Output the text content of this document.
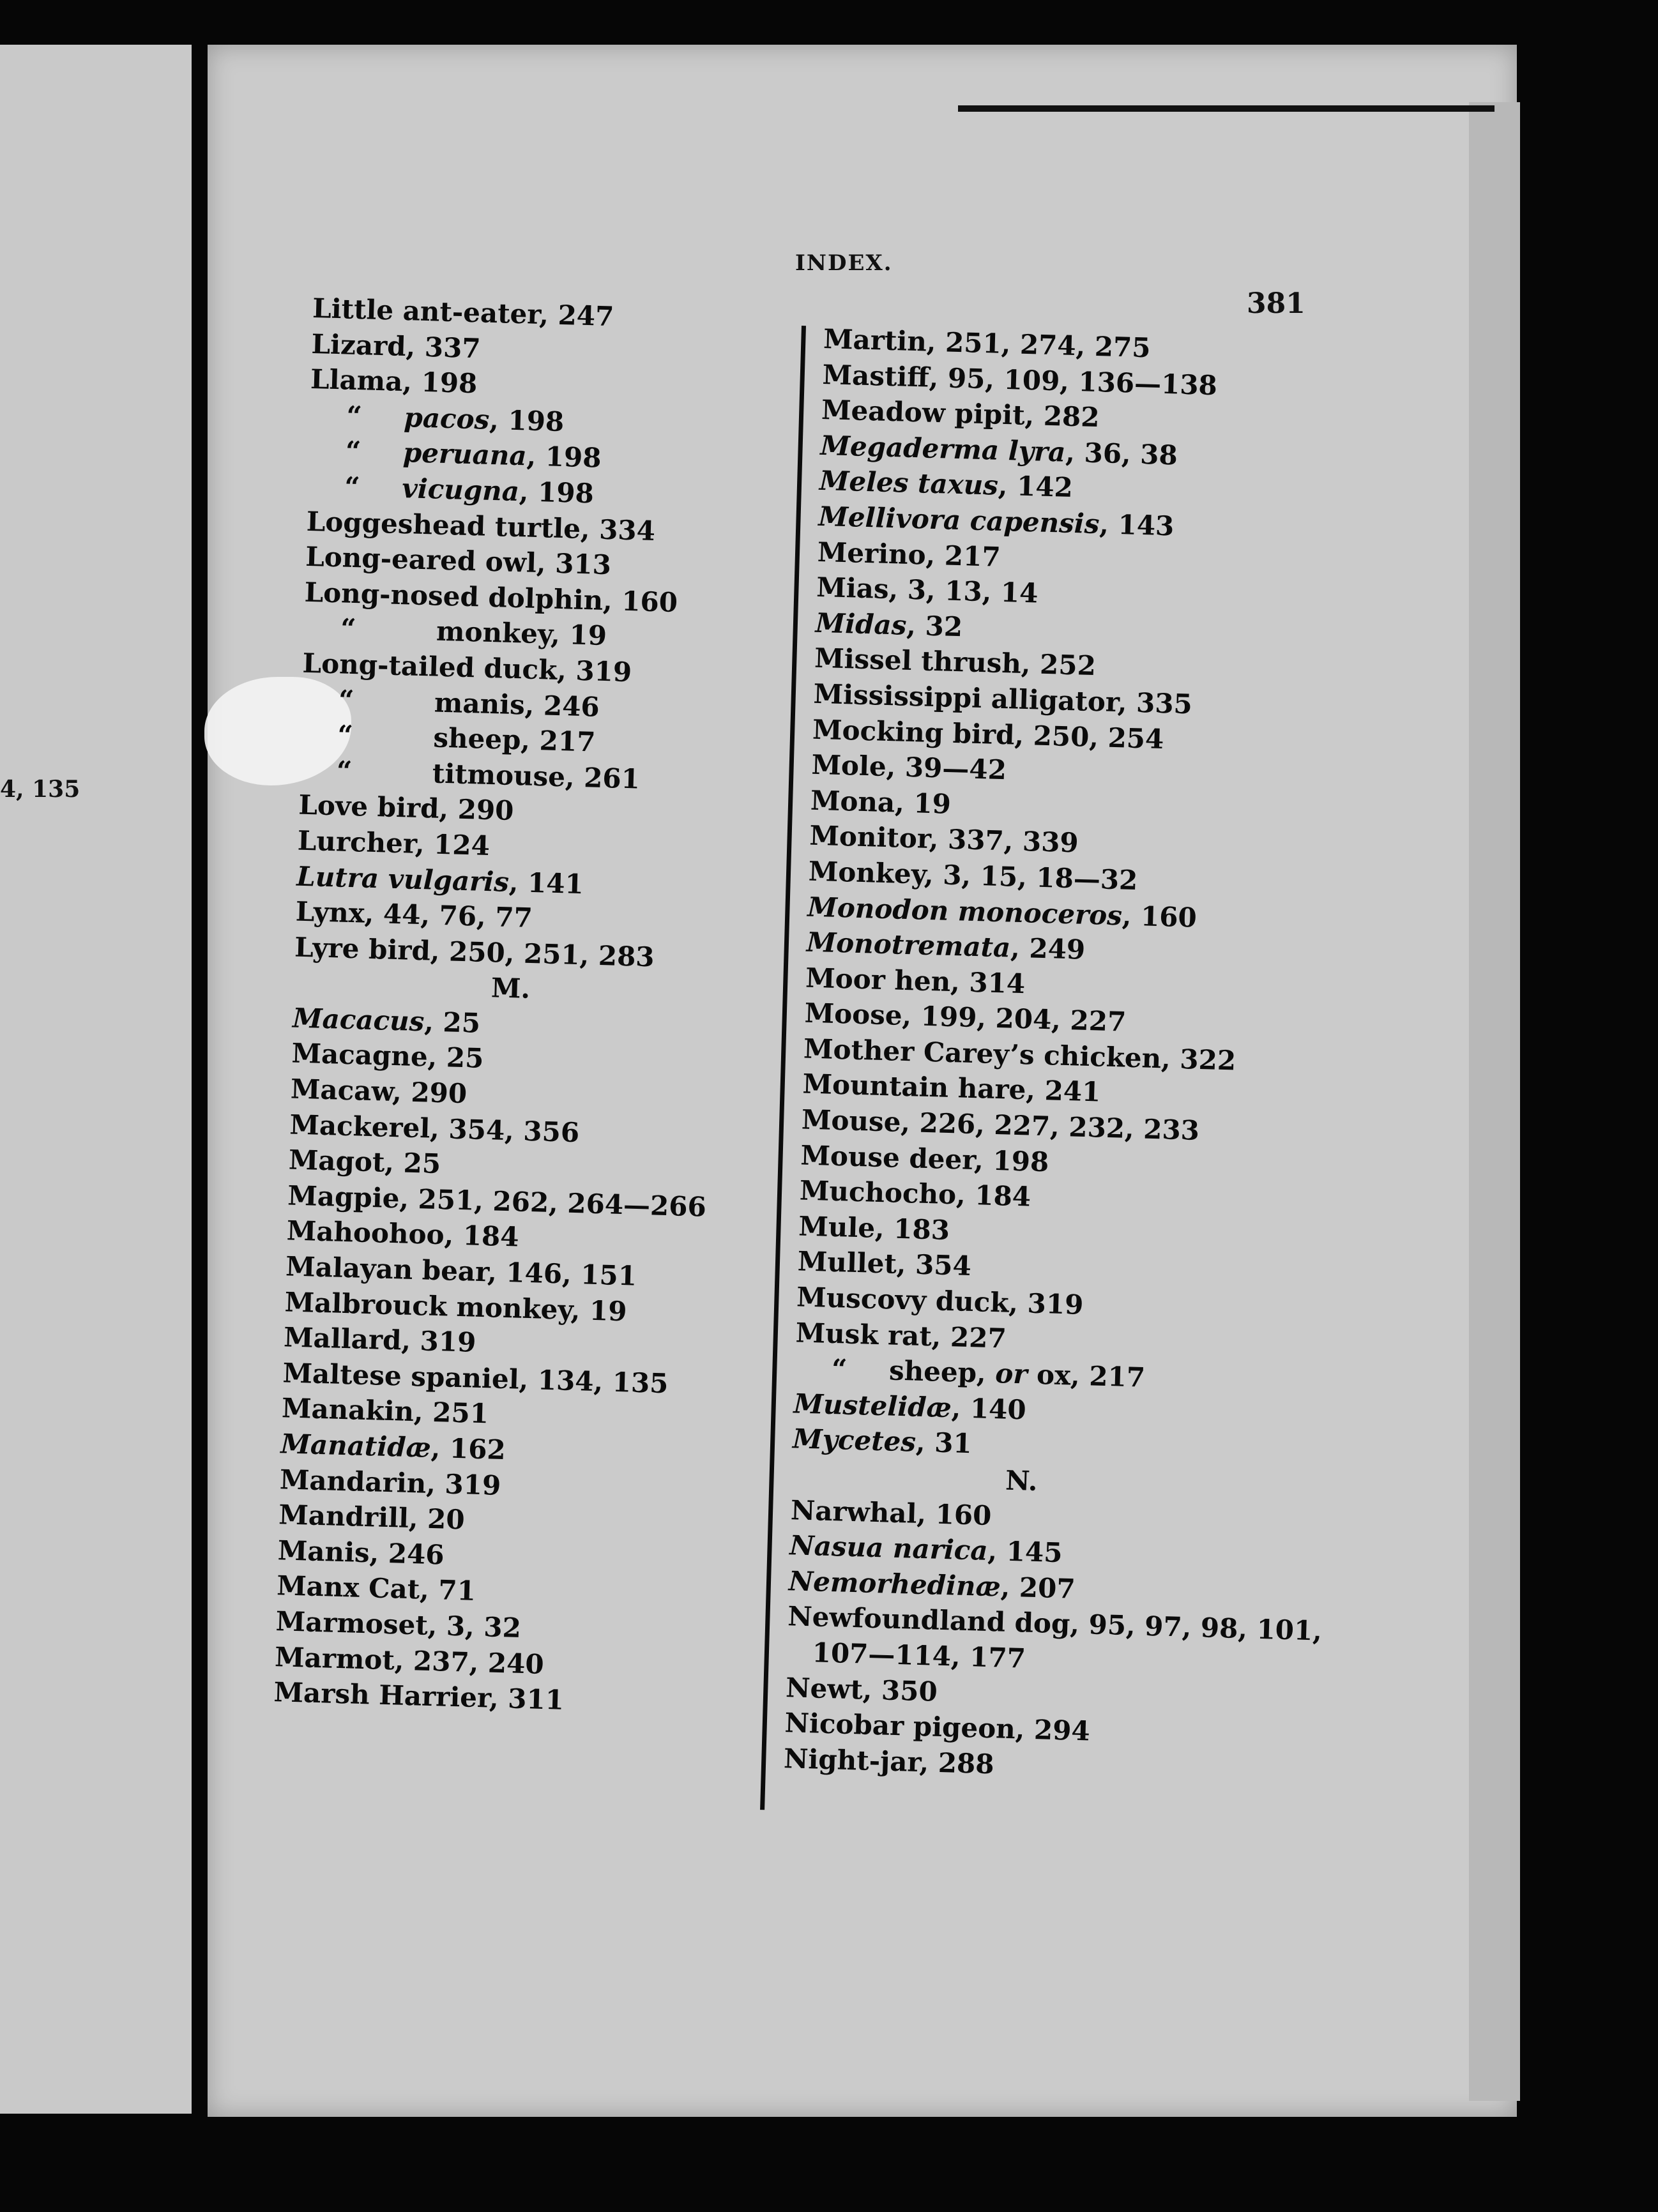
4, 135
INDEX.
381
Little ant-eater, 247
Lizard, 337
Llama, 198
“ pacos, 198
“ peruana, 198
“ vicugna, 198
Loggeshead turtle, 334
Long-eared owl, 313
Long-nosed dolphin, 160
“	monkey, 19
Long-tailed duck, 319
“	manis, 246
“	sheep, 217
“	titmouse, 261
Love bird, 290
Lurcher, 124
Lutra vulgaris, 141
Lynx, 44, 76, 77
Lyre bird, 250, 251, 283
M.
Macacus, 25
Macagne, 25
Macaw, 290
Mackerel, 354, 356
Magot, 25
Magpie, 251, 262, 264—266
Mahoohoo, 184
Malayan bear, 146, 151
Malbrouck monkey, 19
Mallard, 319
Maltese spaniel, 134, 135
Manakin, 251
Manatidæ, 162
Mandarin, 319
Mandrill, 20
Manis, 246
Manx Cat, 71
Marmoset, 3, 32
Marmot, 237, 240
Marsh Harrier, 311
Martin, 251, 274, 275
Mastiff, 95, 109, 136—138
Meadow pipit, 282
Megaderma lyra, 36, 38
Meles taxus, 142
Mellivora capensis, 143
Merino, 217
Mias, 3, 13, 14
Midas, 32
Missel thrush, 252
Mississippi alligator, 335
Mocking bird, 250, 254
Mole, 39—42
Mona, 19
Monitor, 337, 339
Monkey, 3, 15, 18—32
Monodon monoceros, 160
Monotremata, 249
Moor hen, 314
Moose, 199, 204, 227
Mother Carey’s chicken, 322
Mountain hare, 241
Mouse, 226, 227, 232, 233
Mouse deer, 198
Muchocho, 184
Mule, 183
Mullet, 354
Muscovy duck, 319
Musk rat, 227
“ sheep, or ox, 217
Mustelidæ, 140
Mycetes, 31
N.
Narwhal, 160
Nasua narica, 145
Nemorhedinæ, 207
Newfoundland dog, 95, 97, 98, 101,
107—114, 177
Newt, 350
Nicobar pigeon, 294
Night-jar, 288
